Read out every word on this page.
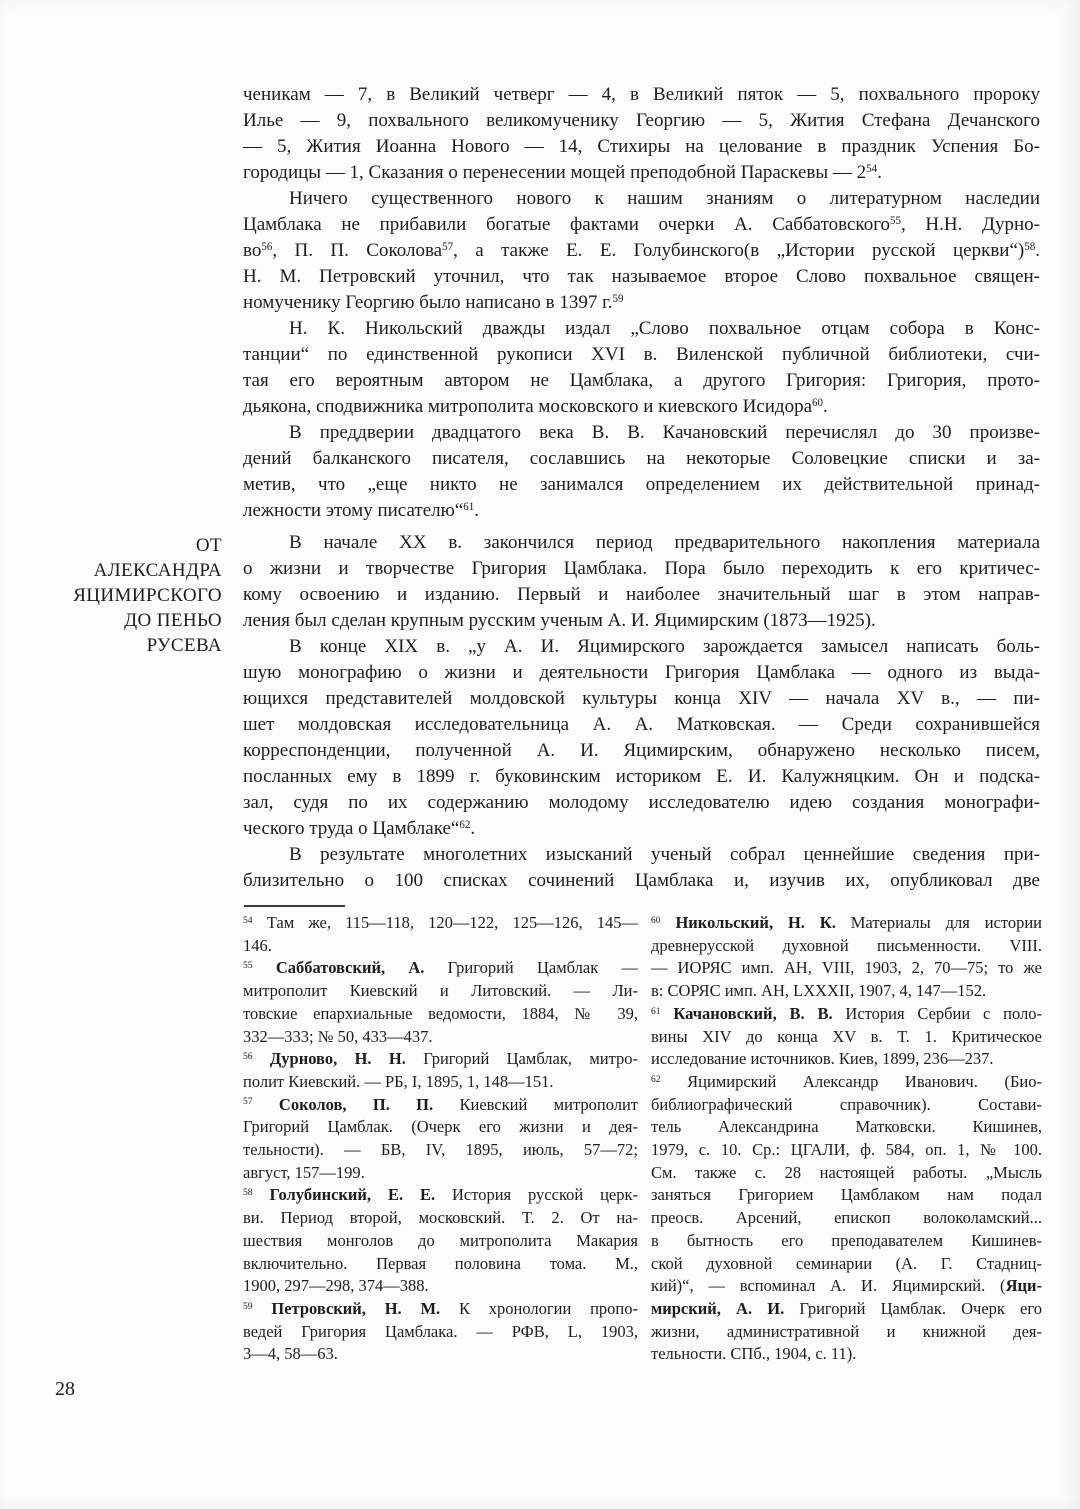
ОТ
АЛЕКСАНДРА
ЯЦИМИРСКОГО
ДО ПЕНЬО
РУСЕВА
ченикам — 7, в Великий четверг — 4, в Великий пяток — 5, похвального пророку
Илье — 9, похвального великомученику Георгию — 5, Жития Стефана Дечанского
— 5, Жития Иоанна Нового — 14, Стихиры на целование в праздник Успения Бо-
городицы — 1, Сказания о перенесении мощей преподобной Параскевы — $2^{54}$.
Ничего существенного нового к нашим знаниям о литературном наследии
Цамблака не прибавили богатые фактами очерки А. Саббатовского$^{55}$, Н.Н. Дурно-
$во^{56}$, П. П. Соколова$^{57}$, а также Е. Е. Голубинского(в „Истории русской церкви“)$^{58}$.
Н. М. Петровский уточнил, что так называемое второе Слово похвальное священ-
номученику Георгию было написано в 1397 г.$^{59}$
Н. К. Никольский дважды издал „Слово похвальное отцам собора в Конс-
танции“ по единственной рукописи XVI в. Виленской публичной библиотеки, счи-
тая его вероятным автором не Цамблака, а другого Григория: Григория, прото-
дьякона, сподвижника митрополита московского и киевского Исидора$^{60}$.
В преддверии двадцатого века В. В. Качановский перечислял до 30 произве-
дений балканского писателя, сославшись на некоторые Соловецкие списки и за-
метив, что „еще никто не занимался определением их действительной принад-
лежности этому писателю“$^{61}$.
В начале XX в. закончился период предварительного накопления материала
о жизни и творчестве Григория Цамблака. Пора было переходить к его критичес-
кому освоению и изданию. Первый и наиболее значительный шаг в этом направ-
ления был сделан крупным русским ученым А. И. Яцимирским (1873—1925).
В конце XIX в. „у А. И. Яцимирского зарождается замысел написать боль-
шую монографию о жизни и деятельности Григория Цамблака — одного из выда-
ющихся представителей молдовской культуры конца XIV — начала XV в., — пи-
шет молдовская исследовательница А. А. Матковская. — Среди сохранившейся
корреспонденции, полученной А. И. Яцимирским, обнаружено несколько писем,
посланных ему в 1899 г. буковинским историком Е. И. Калужняцким. Он и подска-
зал, судя по их содержанию молодому исследователю идею создания монографи-
ческого труда о Цамблаке“$^{62}$.
В результате многолетних изысканий ученый собрал ценнейшие сведения при-
близительно о 100 списках сочинений Цамблака и, изучив их, опубликовал две
$^{54}$ Там же, 115—118, 120—122, 125—126, 145—
146.
$^{55}$ Саббатовский, А. Григорий Цамблак —
митрополит Киевский и Литовский. — Ли-
товские епархиальные ведомости, 1884, № 39,
332—333; № 50, 433—437.
$^{56}$ Дурново, Н. Н. Григорий Цамблак, митро-
полит Киевский. — РБ, I, 1895, 1, 148—151.
$^{57}$ Соколов, П. П. Киевский митрополит
Григорий Цамблак. (Очерк его жизни и дея-
тельности). — БВ, IV, 1895, июль, 57—72;
август, 157—199.
$^{58}$ Голубинский, Е. Е. История русской церк-
ви. Период второй, московский. Т. 2. От на-
шествия монголов до митрополита Макария
включительно. Первая половина тома. М.,
1900, 297—298, 374—388.
$^{59}$ Петровский, Н. М. К хронологии пропо-
ведей Григория Цамблака. — РФВ, L, 1903,
3—4, 58—63.
$^{60}$ Никольский, Н. К. Материалы для истории
древнерусской духовной письменности. VIII.
— ИОРЯС имп. АН, VIII, 1903, 2, 70—75; то же
в: СОРЯС имп. АН, LXXXII, 1907, 4, 147—152.
$^{61}$ Качановский, В. В. История Сербии с поло-
вины XIV до конца XV в. Т. 1. Критическое
исследование источников. Киев, 1899, 236—237.
$^{62}$ Яцимирский Александр Иванович. (Био-
библиографический справочник). Состави-
тель Александрина Матковски. Кишинев,
1979, с. 10. Ср.: ЦГАЛИ, ф. 584, оп. 1, № 100.
См. также с. 28 настоящей работы. „Мысль
заняться Григорием Цамблаком нам подал
преосв. Арсений, епископ волоколамский...
в бытность его преподавателем Кишинев-
ской духовной семинарии (А. Г. Стадниц-
кий)“, — вспоминал А. И. Яцимирский. (Яци-
мирский, А. И. Григорий Цамблак. Очерк его
жизни, административной и книжной дея-
тельности. СПб., 1904, с. 11).
28
